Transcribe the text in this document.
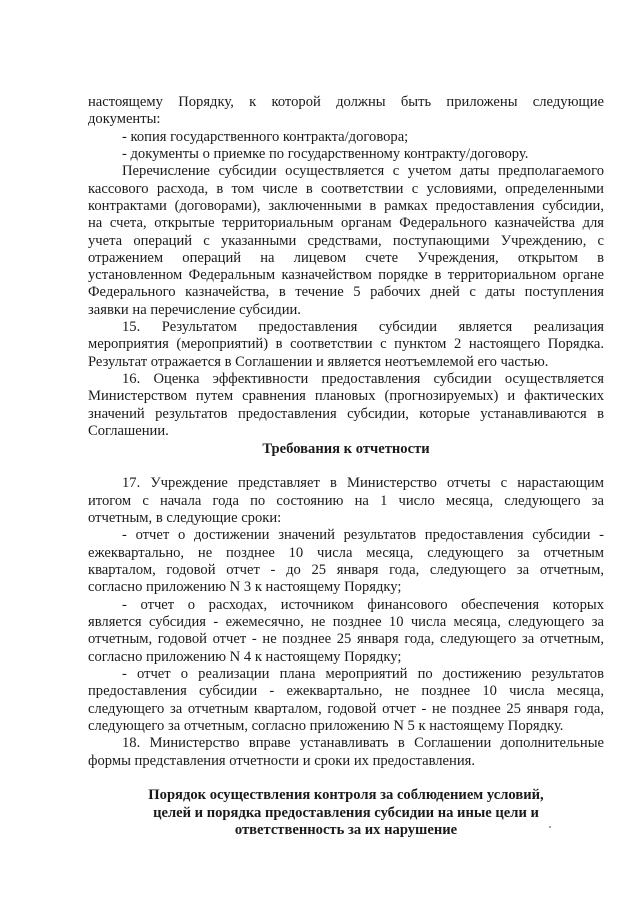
настоящему Порядку, к которой должны быть приложены следующие
документы:
- копия государственного контракта/договора;
- документы о приемке по государственному контракту/договору.
Перечисление субсидии осуществляется с учетом даты предполагаемого
кассового расхода, в том числе в соответствии с условиями, определенными
контрактами (договорами), заключенными в рамках предоставления субсидии,
на счета, открытые территориальным органам Федерального казначейства для
учета операций с указанными средствами, поступающими Учреждению, с
отражением операций на лицевом счете Учреждения, открытом в
установленном Федеральным казначейством порядке в территориальном органе
Федерального казначейства, в течение 5 рабочих дней с даты поступления
заявки на перечисление субсидии.
15. Результатом предоставления субсидии является реализация
мероприятия (мероприятий) в соответствии с пунктом 2 настоящего Порядка.
Результат отражается в Соглашении и является неотъемлемой его частью.
16. Оценка эффективности предоставления субсидии осуществляется
Министерством путем сравнения плановых (прогнозируемых) и фактических
значений результатов предоставления субсидии, которые устанавливаются в
Соглашении.
Требования к отчетности
17. Учреждение представляет в Министерство отчеты с нарастающим
итогом с начала года по состоянию на 1 число месяца, следующего за
отчетным, в следующие сроки:
- отчет о достижении значений результатов предоставления субсидии -
ежеквартально, не позднее 10 числа месяца, следующего за отчетным
кварталом, годовой отчет - до 25 января года, следующего за отчетным,
согласно приложению N 3 к настоящему Порядку;
- отчет о расходах, источником финансового обеспечения которых
является субсидия - ежемесячно, не позднее 10 числа месяца, следующего за
отчетным, годовой отчет - не позднее 25 января года, следующего за отчетным,
согласно приложению N 4 к настоящему Порядку;
- отчет о реализации плана мероприятий по достижению результатов
предоставления субсидии - ежеквартально, не позднее 10 числа месяца,
следующего за отчетным кварталом, годовой отчет - не позднее 25 января года,
следующего за отчетным, согласно приложению N 5 к настоящему Порядку.
18. Министерство вправе устанавливать в Соглашении дополнительные
формы представления отчетности и сроки их предоставления.
Порядок осуществления контроля за соблюдением условий,
целей и порядка предоставления субсидии на иные цели и
ответственность за их нарушение
